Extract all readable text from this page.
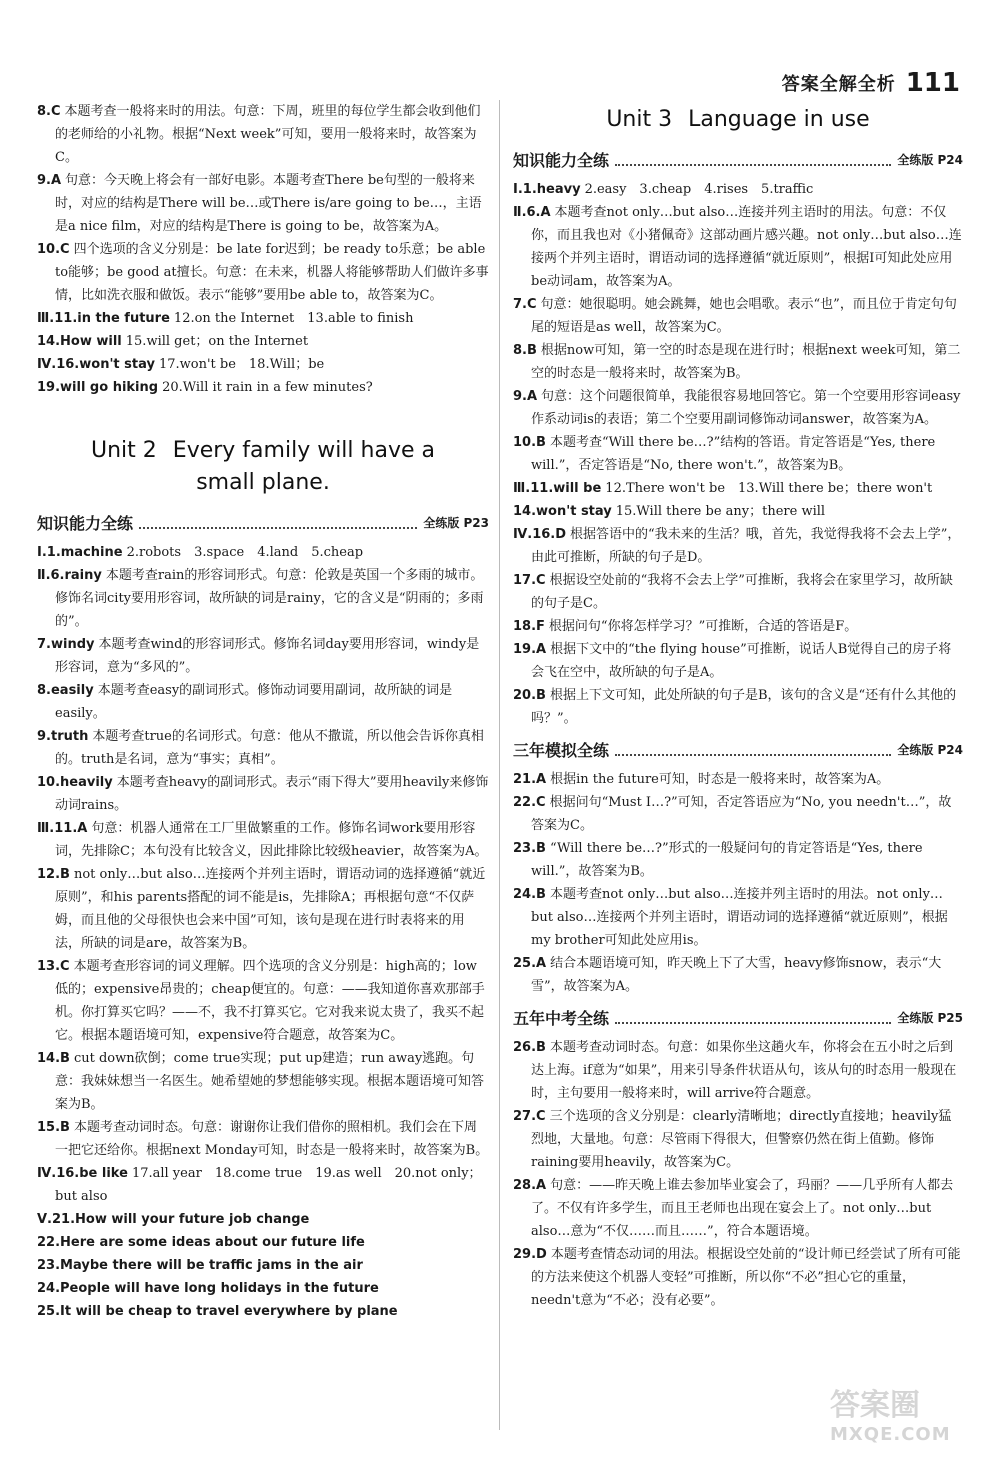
答案全解全析 111

8.C 本题考查一般将来时的用法。句意：下周，班里的每位学生都会收到他们的老师给的小礼物。根据“Next week”可知，要用一般将来时，故答案为C。

9.A 句意：今天晚上将会有一部好电影。本题考查There be句型的一般将来时，对应的结构是There will be…或There is/are going to be…，主语是a nice film，对应的结构是There is going to be，故答案为A。

10.C 四个选项的含义分别是：be late for迟到；be ready to乐意；be able to能够；be good at擅长。句意：在未来，机器人将能够帮助人们做许多事情，比如洗衣服和做饭。表示“能够”要用be able to，故答案为C。

Ⅲ.11.in the future 12.on the Internet　13.able to finish

14.How will 15.will get；on the Internet

Ⅳ.16.won't stay 17.won't be　18.Will；be

19.will go hiking 20.Will it rain in a few minutes?

Unit 2 Every family will have a
small plane.
知识能力全练	全练版 P23

Ⅰ.1.machine 2.robots　3.space　4.land　5.cheap

Ⅱ.6.rainy 本题考查rain的形容词形式。句意：伦敦是英国一个多雨的城市。修饰名词city要用形容词，故所缺的词是rainy，它的含义是“阴雨的；多雨的”。

7.windy 本题考查wind的形容词形式。修饰名词day要用形容词，windy是形容词，意为“多风的”。

8.easily 本题考查easy的副词形式。修饰动词要用副词，故所缺的词是easily。

9.truth 本题考查true的名词形式。句意：他从不撒谎，所以他会告诉你真相的。truth是名词，意为“事实；真相”。

10.heavily 本题考查heavy的副词形式。表示“雨下得大”要用heavily来修饰动词rains。

Ⅲ.11.A 句意：机器人通常在工厂里做繁重的工作。修饰名词work要用形容词，先排除C；本句没有比较含义，因此排除比较级heavier，故答案为A。

12.B not only…but also…连接两个并列主语时，谓语动词的选择遵循“就近原则”，和his parents搭配的词不能是is，先排除A；再根据句意“不仅萨姆，而且他的父母很快也会来中国”可知，该句是现在进行时表将来的用法，所缺的词是are，故答案为B。

13.C 本题考查形容词的词义理解。四个选项的含义分别是：high高的；low低的；expensive昂贵的；cheap便宜的。句意：——我知道你喜欢那部手机。你打算买它吗？——不，我不打算买它。它对我来说太贵了，我买不起它。根据本题语境可知，expensive符合题意，故答案为C。

14.B cut down砍倒；come true实现；put up建造；run away逃跑。句意：我妹妹想当一名医生。她希望她的梦想能够实现。根据本题语境可知答案为B。

15.B 本题考查动词时态。句意：谢谢你让我们借你的照相机。我们会在下周一把它还给你。根据next Monday可知，时态是一般将来时，故答案为B。

Ⅳ.16.be like 17.all year　18.come true　19.as well　20.not only；but also

Ⅴ.21.How will your future job change

22.Here are some ideas about our future life

23.Maybe there will be traffic jams in the air

24.People will have long holidays in the future

25.It will be cheap to travel everywhere by plane

Unit 3 Language in use
知识能力全练	全练版 P24

Ⅰ.1.heavy 2.easy　3.cheap　4.rises　5.traffic

Ⅱ.6.A 本题考查not only…but also…连接并列主语时的用法。句意：不仅你，而且我也对《小猪佩奇》这部动画片感兴趣。not only…but also…连接两个并列主语时，谓语动词的选择遵循“就近原则”，根据I可知此处应用be动词am，故答案为A。

7.C 句意：她很聪明。她会跳舞，她也会唱歌。表示“也”，而且位于肯定句句尾的短语是as well，故答案为C。

8.B 根据now可知，第一空的时态是现在进行时；根据next week可知，第二空的时态是一般将来时，故答案为B。

9.A 句意：这个问题很简单，我能很容易地回答它。第一个空要用形容词easy作系动词is的表语；第二个空要用副词修饰动词answer，故答案为A。

10.B 本题考查“Will there be…?”结构的答语。肯定答语是“Yes, there will.”，否定答语是“No, there won't.”，故答案为B。

Ⅲ.11.will be 12.There won't be　13.Will there be；there won't

14.won't stay 15.Will there be any；there will

Ⅳ.16.D 根据答语中的“我未来的生活？哦，首先，我觉得我将不会去上学”，由此可推断，所缺的句子是D。

17.C 根据设空处前的“我将不会去上学”可推断，我将会在家里学习，故所缺的句子是C。

18.F 根据问句“你将怎样学习？”可推断，合适的答语是F。

19.A 根据下文中的“the flying house”可推断，说话人B觉得自己的房子将会飞在空中，故所缺的句子是A。

20.B 根据上下文可知，此处所缺的句子是B，该句的含义是“还有什么其他的吗？”。

三年模拟全练	全练版 P24

21.A 根据in the future可知，时态是一般将来时，故答案为A。

22.C 根据问句“Must I…?”可知，否定答语应为“No, you needn't…”，故答案为C。

23.B “Will there be…?”形式的一般疑问句的肯定答语是“Yes, there will.”，故答案为B。

24.B 本题考查not only…but also…连接并列主语时的用法。not only…but also…连接两个并列主语时，谓语动词的选择遵循“就近原则”，根据my brother可知此处应用is。

25.A 结合本题语境可知，昨天晚上下了大雪，heavy修饰snow，表示“大雪”，故答案为A。

五年中考全练	全练版 P25

26.B 本题考查动词时态。句意：如果你坐这趟火车，你将会在五小时之后到达上海。if意为“如果”，用来引导条件状语从句，该从句的时态用一般现在时，主句要用一般将来时，will arrive符合题意。

27.C 三个选项的含义分别是：clearly清晰地；directly直接地；heavily猛烈地，大量地。句意：尽管雨下得很大，但警察仍然在街上值勤。修饰raining要用heavily，故答案为C。

28.A 句意：——昨天晚上谁去参加毕业宴会了，玛丽？——几乎所有人都去了。不仅有许多学生，而且王老师也出现在宴会上了。not only…but also…意为“不仅……而且……”，符合本题语境。

29.D 本题考查情态动词的用法。根据设空处前的“设计师已经尝试了所有可能的方法来使这个机器人变轻”可推断，所以你“不必”担心它的重量，needn't意为“不必；没有必要”。

答案圈
MXQE.COM
